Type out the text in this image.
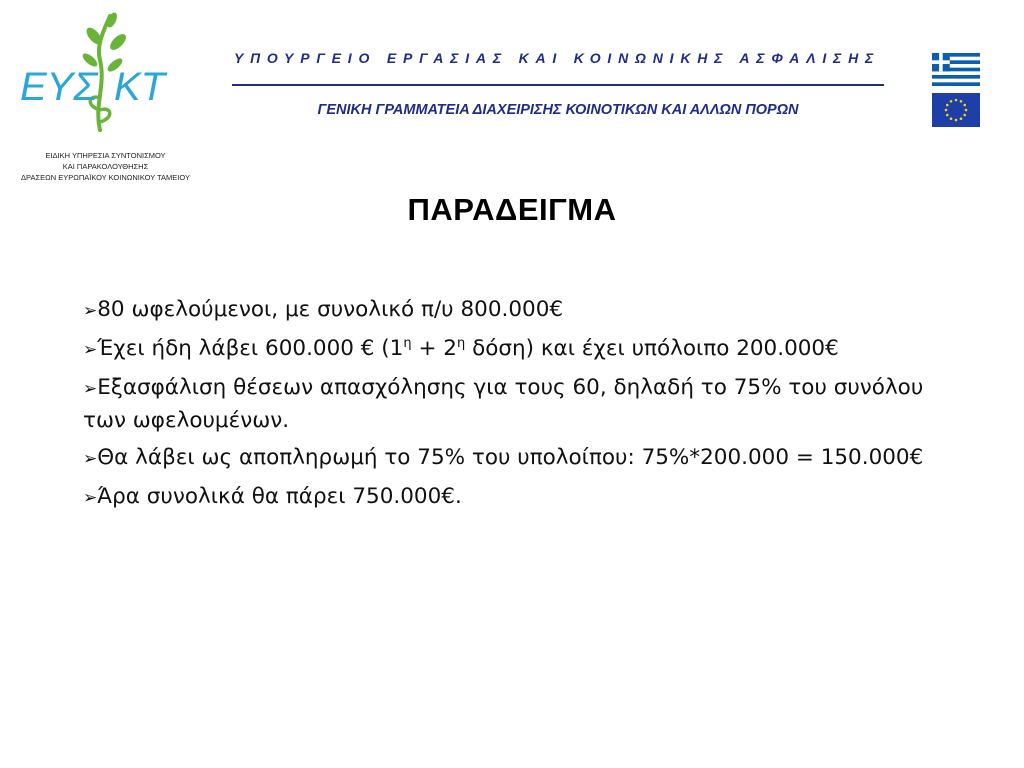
ΕΥΣ ΚΤ
ΕΙΔΙΚΗ ΥΠΗΡΕΣΙΑ ΣΥΝΤΟΝΙΣΜΟΥ
ΚΑΙ ΠΑΡΑΚΟΛΟΥΘΗΣΗΣ
ΔΡΑΣΕΩΝ ΕΥΡΩΠΑΪΚΟΥ ΚΟΙΝΩΝΙΚΟΥ ΤΑΜΕΙΟΥ
ΥΠΟΥΡΓΕΙΟ ΕΡΓΑΣΙΑΣ ΚΑΙ ΚΟΙΝΩΝΙΚΗΣ ΑΣΦΑΛΙΣΗΣ
ΓΕΝΙΚΗ ΓΡΑΜΜΑΤΕΙΑ ΔΙΑΧΕΙΡΙΣΗΣ ΚΟΙΝΟΤΙΚΩΝ ΚΑΙ ΑΛΛΩΝ ΠΟΡΩΝ
ΠΑΡΑΔΕΙΓΜΑ
➢80 ωφελούμενοι, με συνολικό π/υ 800.000€
➢Έχει ήδη λάβει 600.000 € ($1^\eta + 2^\eta$ δόση) και έχει υπόλοιπο 200.000€
➢Εξασφάλιση θέσεων απασχόλησης για τους 60, δηλαδή το 75% του συνόλου των ωφελουμένων.
➢Θα λάβει ως αποπληρωμή το 75% του υπολοίπου: 75%*200.000 = 150.000€
➢Άρα συνολικά θα πάρει 750.000€.
